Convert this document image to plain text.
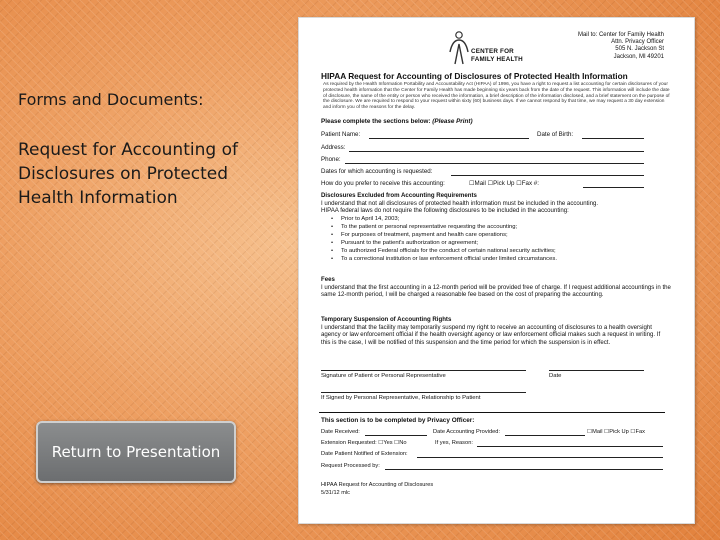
Forms and Documents:
Request for Accounting of Disclosures on Protected Health Information
Return to Presentation
CENTER FOR
FAMILY HEALTH
Mail to: Center for Family Health
Attn. Privacy Officer
505 N. Jackson St
Jackson, MI 49201
HIPAA Request for Accounting of Disclosures of Protected Health Information
As required by the Health Information Portability and Accountability Act (HIPAA) of 1996, you have a right to request a list accounting for certain disclosures of your protected health information that the Center for Family Health has made beginning six years back from the date of the request. This information will include the date of disclosure, the name of the entity or person who received the information, a brief description of the information disclosed, and a brief statement on the purpose of the disclosure. We are required to respond to your request within sixty (60) business days. If we cannot respond by that time, we may request a 30 day extension and inform you of the reasons for the delay.
Please complete the sections below: (Please Print)
Patient Name:	Date of Birth:
Address:
Phone:
Dates for which accounting is requested:
How do you prefer to receive this accounting:	☐Mail ☐Pick Up ☐Fax #:
Disclosures Excluded from Accounting Requirements
I understand that not all disclosures of protected health information must be included in the accounting.
HIPAA federal laws do not require the following disclosures to be included in the accounting:
• Prior to April 14, 2003;
• To the patient or personal representative requesting the accounting;
• For purposes of treatment, payment and health care operations;
• Pursuant to the patient's authorization or agreement;
• To authorized Federal officials for the conduct of certain national security activities;
• To a correctional institution or law enforcement official under limited circumstances.
Fees
I understand that the first accounting in a 12-month period will be provided free of charge. If I request additional accountings in the same 12-month period, I will be charged a reasonable fee based on the cost of preparing the accounting.
Temporary Suspension of Accounting Rights
I understand that the facility may temporarily suspend my right to receive an accounting of disclosures to a health oversight agency or law enforcement official if the health oversight agency or law enforcement official makes such a request in writing. If this is the case, I will be notified of this suspension and the time period for which the suspension is in effect.
Signature of Patient or Personal Representative	Date
If Signed by Personal Representative, Relationship to Patient
This section is to be completed by Privacy Officer:
Date Received:	Date Accounting Provided:	☐Mail ☐Pick Up ☐Fax
Extension Requested: ☐Yes ☐No	If yes, Reason:
Date Patient Notified of Extension:
Request Processed by:
HIPAA Request for Accounting of Disclosures
5/31/12 mlc
